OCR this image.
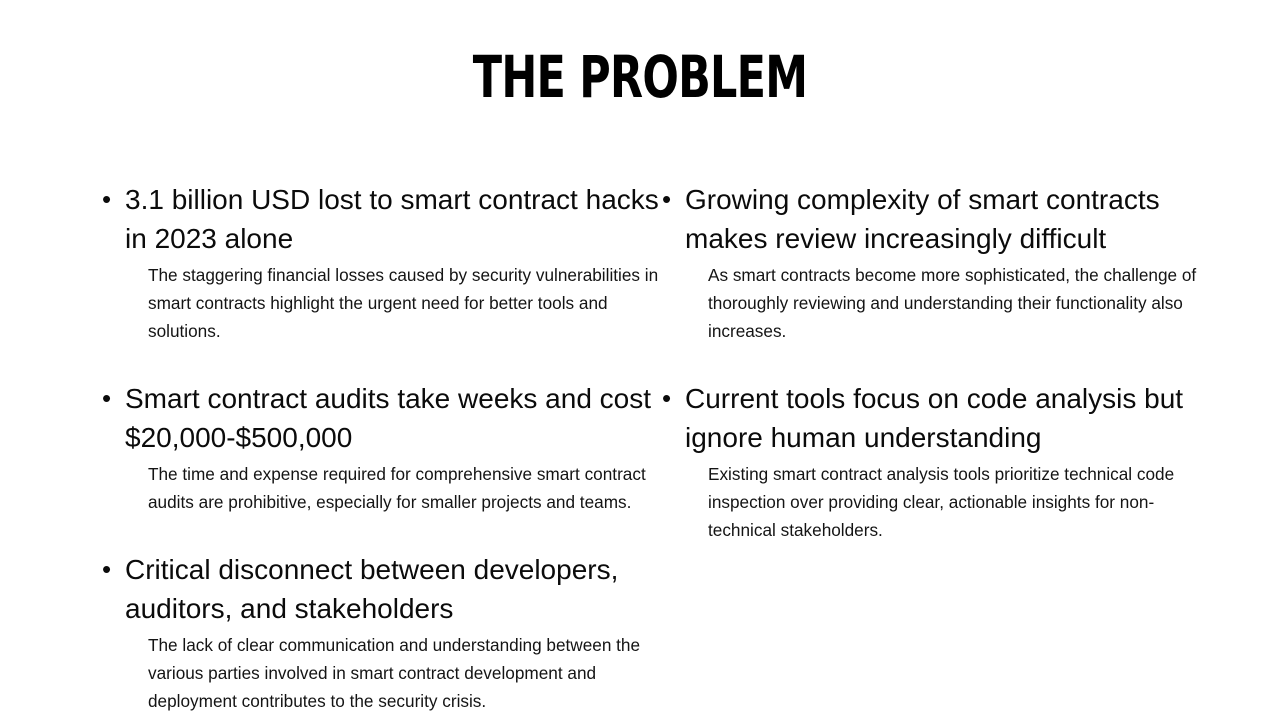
THE PROBLEM
• 3.1 billion USD lost to smart contract hacks in 2023 alone
The staggering financial losses caused by security vulnerabilities in smart contracts highlight the urgent need for better tools and solutions.
• Smart contract audits take weeks and cost $20,000-$500,000
The time and expense required for comprehensive smart contract audits are prohibitive, especially for smaller projects and teams.
• Critical disconnect between developers, auditors, and stakeholders
The lack of clear communication and understanding between the various parties involved in smart contract development and deployment contributes to the security crisis.
• Growing complexity of smart contracts makes review increasingly difficult
As smart contracts become more sophisticated, the challenge of thoroughly reviewing and understanding their functionality also increases.
• Current tools focus on code analysis but ignore human understanding
Existing smart contract analysis tools prioritize technical code inspection over providing clear, actionable insights for non-technical stakeholders.
